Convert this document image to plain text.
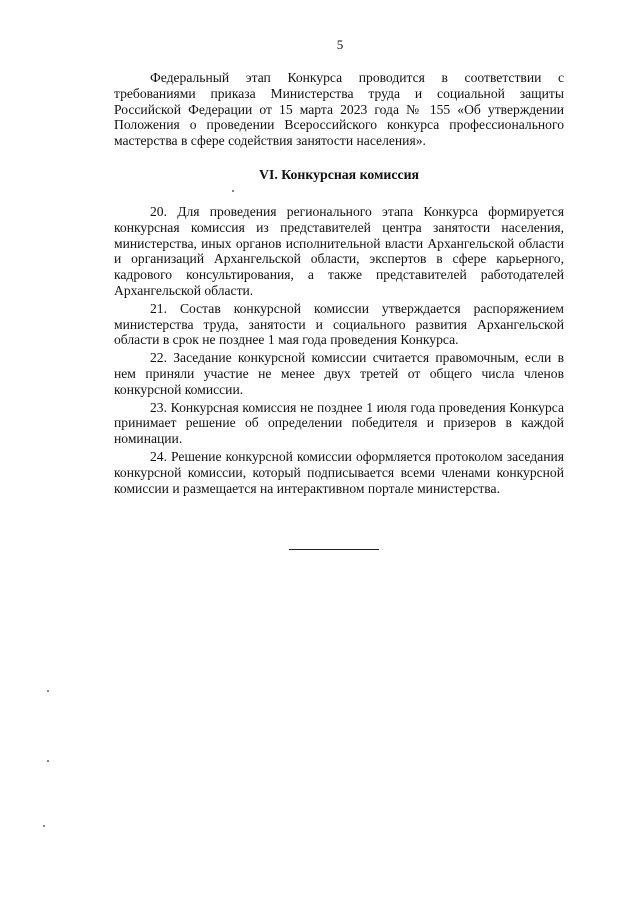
5

Федеральный этап Конкурса проводится в соответствии с требованиями приказа Министерства труда и социальной защиты Российской Федерации от 15 марта 2023 года № 155 «Об утверждении Положения о проведении Всероссийского конкурса профессионального мастерства в сфере содействия занятости населения».

VI. Конкурсная комиссия

20. Для проведения регионального этапа Конкурса формируется конкурсная комиссия из представителей центра занятости населения, министерства, иных органов исполнительной власти Архангельской области и организаций Архангельской области, экспертов в сфере карьерного, кадрового консультирования, а также представителей работодателей Архангельской области.

21. Состав конкурсной комиссии утверждается распоряжением министерства труда, занятости и социального развития Архангельской области в срок не позднее 1 мая года проведения Конкурса.

22. Заседание конкурсной комиссии считается правомочным, если в нем приняли участие не менее двух третей от общего числа членов конкурсной комиссии.

23. Конкурсная комиссия не позднее 1 июля года проведения Конкурса принимает решение об определении победителя и призеров в каждой номинации.

24. Решение конкурсной комиссии оформляется протоколом заседания конкурсной комиссии, который подписывается всеми членами конкурсной комиссии и размещается на интерактивном портале министерства.
